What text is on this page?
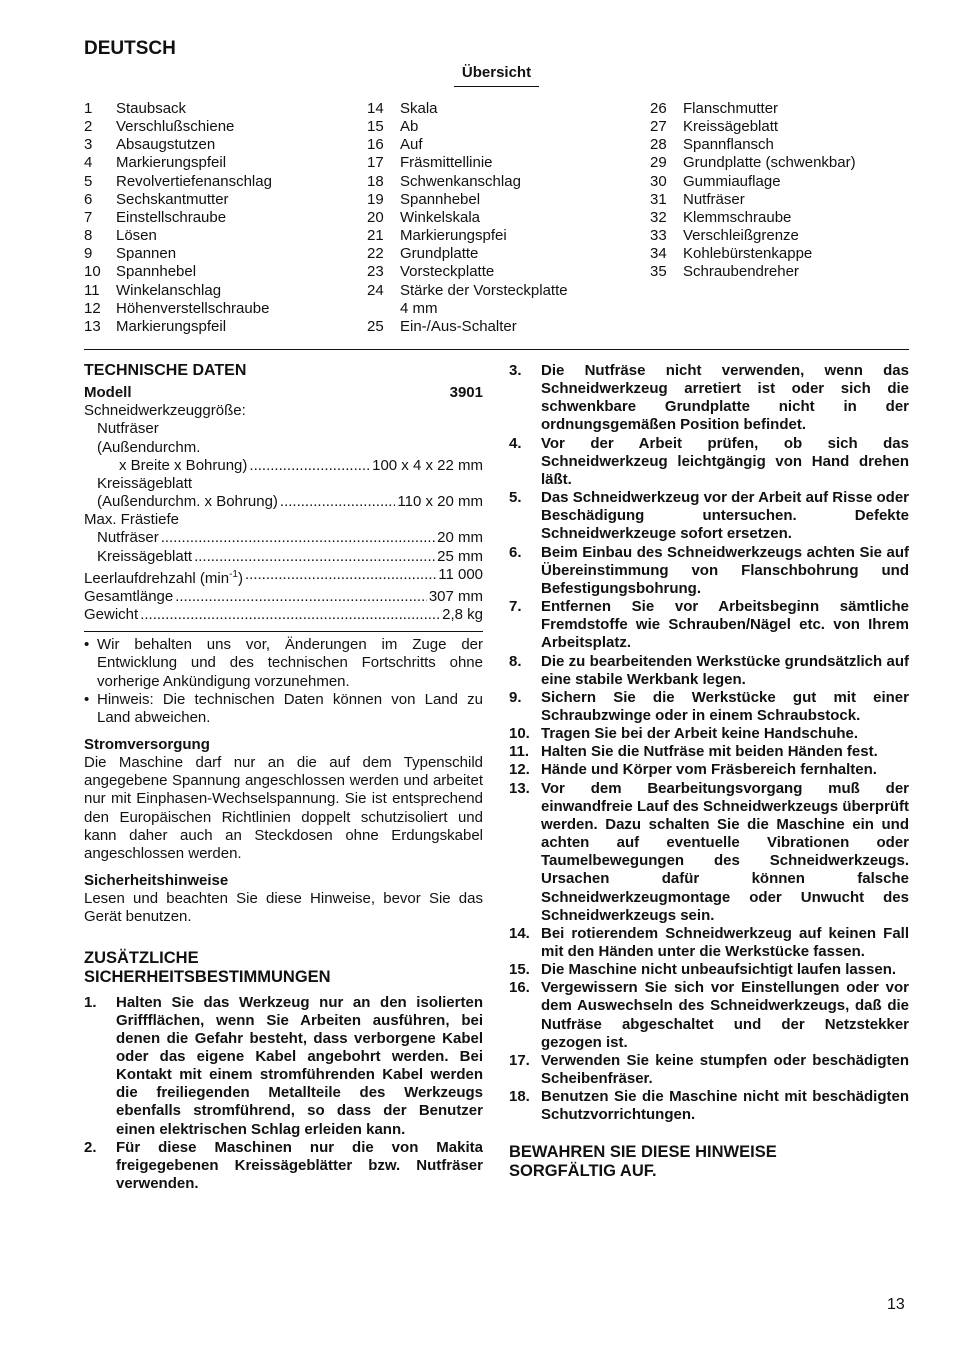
DEUTSCH
Übersicht
1	Staubsack
2	Verschlußschiene
3	Absaugstutzen
4	Markierungspfeil
5	Revolvertiefenanschlag
6	Sechskantmutter
7	Einstellschraube
8	Lösen
9	Spannen
10	Spannhebel
11	Winkelanschlag
12	Höhenverstellschraube
13	Markierungspfeil
14	Skala
15	Ab
16	Auf
17	Fräsmittellinie
18	Schwenkanschlag
19	Spannhebel
20	Winkelskala
21	Markierungspfei
22	Grundplatte
23	Vorsteckplatte
24	Stärke der Vorsteckplatte
4 mm
25	Ein-/Aus-Schalter
26	Flanschmutter
27	Kreissägeblatt
28	Spannflansch
29	Grundplatte (schwenkbar)
30	Gummiauflage
31	Nutfräser
32	Klemmschraube
33	Verschleißgrenze
34	Kohlebürstenkappe
35	Schraubendreher
TECHNISCHE DATEN
Modell	3901
Schneidwerkzeuggröße:
Nutfräser
(Außendurchm.
x Breite x Bohrung) .....	100 x 4 x 22 mm
Kreissägeblatt
(Außendurchm. x Bohrung) .....	110 x 20 mm
Max. Frästiefe
Nutfräser .....	20 mm
Kreissägeblatt .....	25 mm
Leerlaufdrehzahl $(\min^{-1})$ .....	11 000
Gesamtlänge .....	307 mm
Gewicht .....	2,8 kg
• Wir behalten uns vor, Änderungen im Zuge der Entwicklung und des technischen Fortschritts ohne vorherige Ankündigung vorzunehmen.
• Hinweis: Die technischen Daten können von Land zu Land abweichen.
Stromversorgung
Die Maschine darf nur an die auf dem Typenschild angegebene Spannung angeschlossen werden und arbeitet nur mit Einphasen-Wechselspannung. Sie ist entsprechend den Europäischen Richtlinien doppelt schutzisoliert und kann daher auch an Steckdosen ohne Erdungskabel angeschlossen werden.
Sicherheitshinweise
Lesen und beachten Sie diese Hinweise, bevor Sie das Gerät benutzen.
ZUSÄTZLICHE
SICHERHEITSBESTIMMUNGEN
1.	Halten Sie das Werkzeug nur an den isolierten Griffflächen, wenn Sie Arbeiten ausführen, bei denen die Gefahr besteht, dass verborgene Kabel oder das eigene Kabel angebohrt werden. Bei Kontakt mit einem stromführenden Kabel werden die freiliegenden Metallteile des Werkzeugs ebenfalls stromführend, so dass der Benutzer einen elektrischen Schlag erleiden kann.
2.	Für diese Maschinen nur die von Makita freigegebenen Kreissägeblätter bzw. Nutfräser verwenden.
3.	Die Nutfräse nicht verwenden, wenn das Schneidwerkzeug arretiert ist oder sich die schwenkbare Grundplatte nicht in der ordnungsgemäßen Position befindet.
4.	Vor der Arbeit prüfen, ob sich das Schneidwerkzeug leichtgängig von Hand drehen läßt.
5.	Das Schneidwerkzeug vor der Arbeit auf Risse oder Beschädigung untersuchen. Defekte Schneidwerkzeuge sofort ersetzen.
6.	Beim Einbau des Schneidwerkzeugs achten Sie auf Übereinstimmung von Flanschbohrung und Befestigungsbohrung.
7.	Entfernen Sie vor Arbeitsbeginn sämtliche Fremdstoffe wie Schrauben/Nägel etc. von Ihrem Arbeitsplatz.
8.	Die zu bearbeitenden Werkstücke grundsätzlich auf eine stabile Werkbank legen.
9.	Sichern Sie die Werkstücke gut mit einer Schraubzwinge oder in einem Schraubstock.
10. Tragen Sie bei der Arbeit keine Handschuhe.
11. Halten Sie die Nutfräse mit beiden Händen fest.
12. Hände und Körper vom Fräsbereich fernhalten.
13. Vor dem Bearbeitungsvorgang muß der einwandfreie Lauf des Schneidwerkzeugs überprüft werden. Dazu schalten Sie die Maschine ein und achten auf eventuelle Vibrationen oder Taumelbewegungen des Schneidwerkzeugs. Ursachen dafür können falsche Schneidwerkzeugmontage oder Unwucht des Schneidwerkzeugs sein.
14. Bei rotierendem Schneidwerkzeug auf keinen Fall mit den Händen unter die Werkstücke fassen.
15. Die Maschine nicht unbeaufsichtigt laufen lassen.
16. Vergewissern Sie sich vor Einstellungen oder vor dem Auswechseln des Schneidwerkzeugs, daß die Nutfräse abgeschaltet und der Netzstekker gezogen ist.
17. Verwenden Sie keine stumpfen oder beschädigten Scheibenfräser.
18. Benutzen Sie die Maschine nicht mit beschädigten Schutzvorrichtungen.
BEWAHREN SIE DIESE HINWEISE
SORGFÄLTIG AUF.
13
